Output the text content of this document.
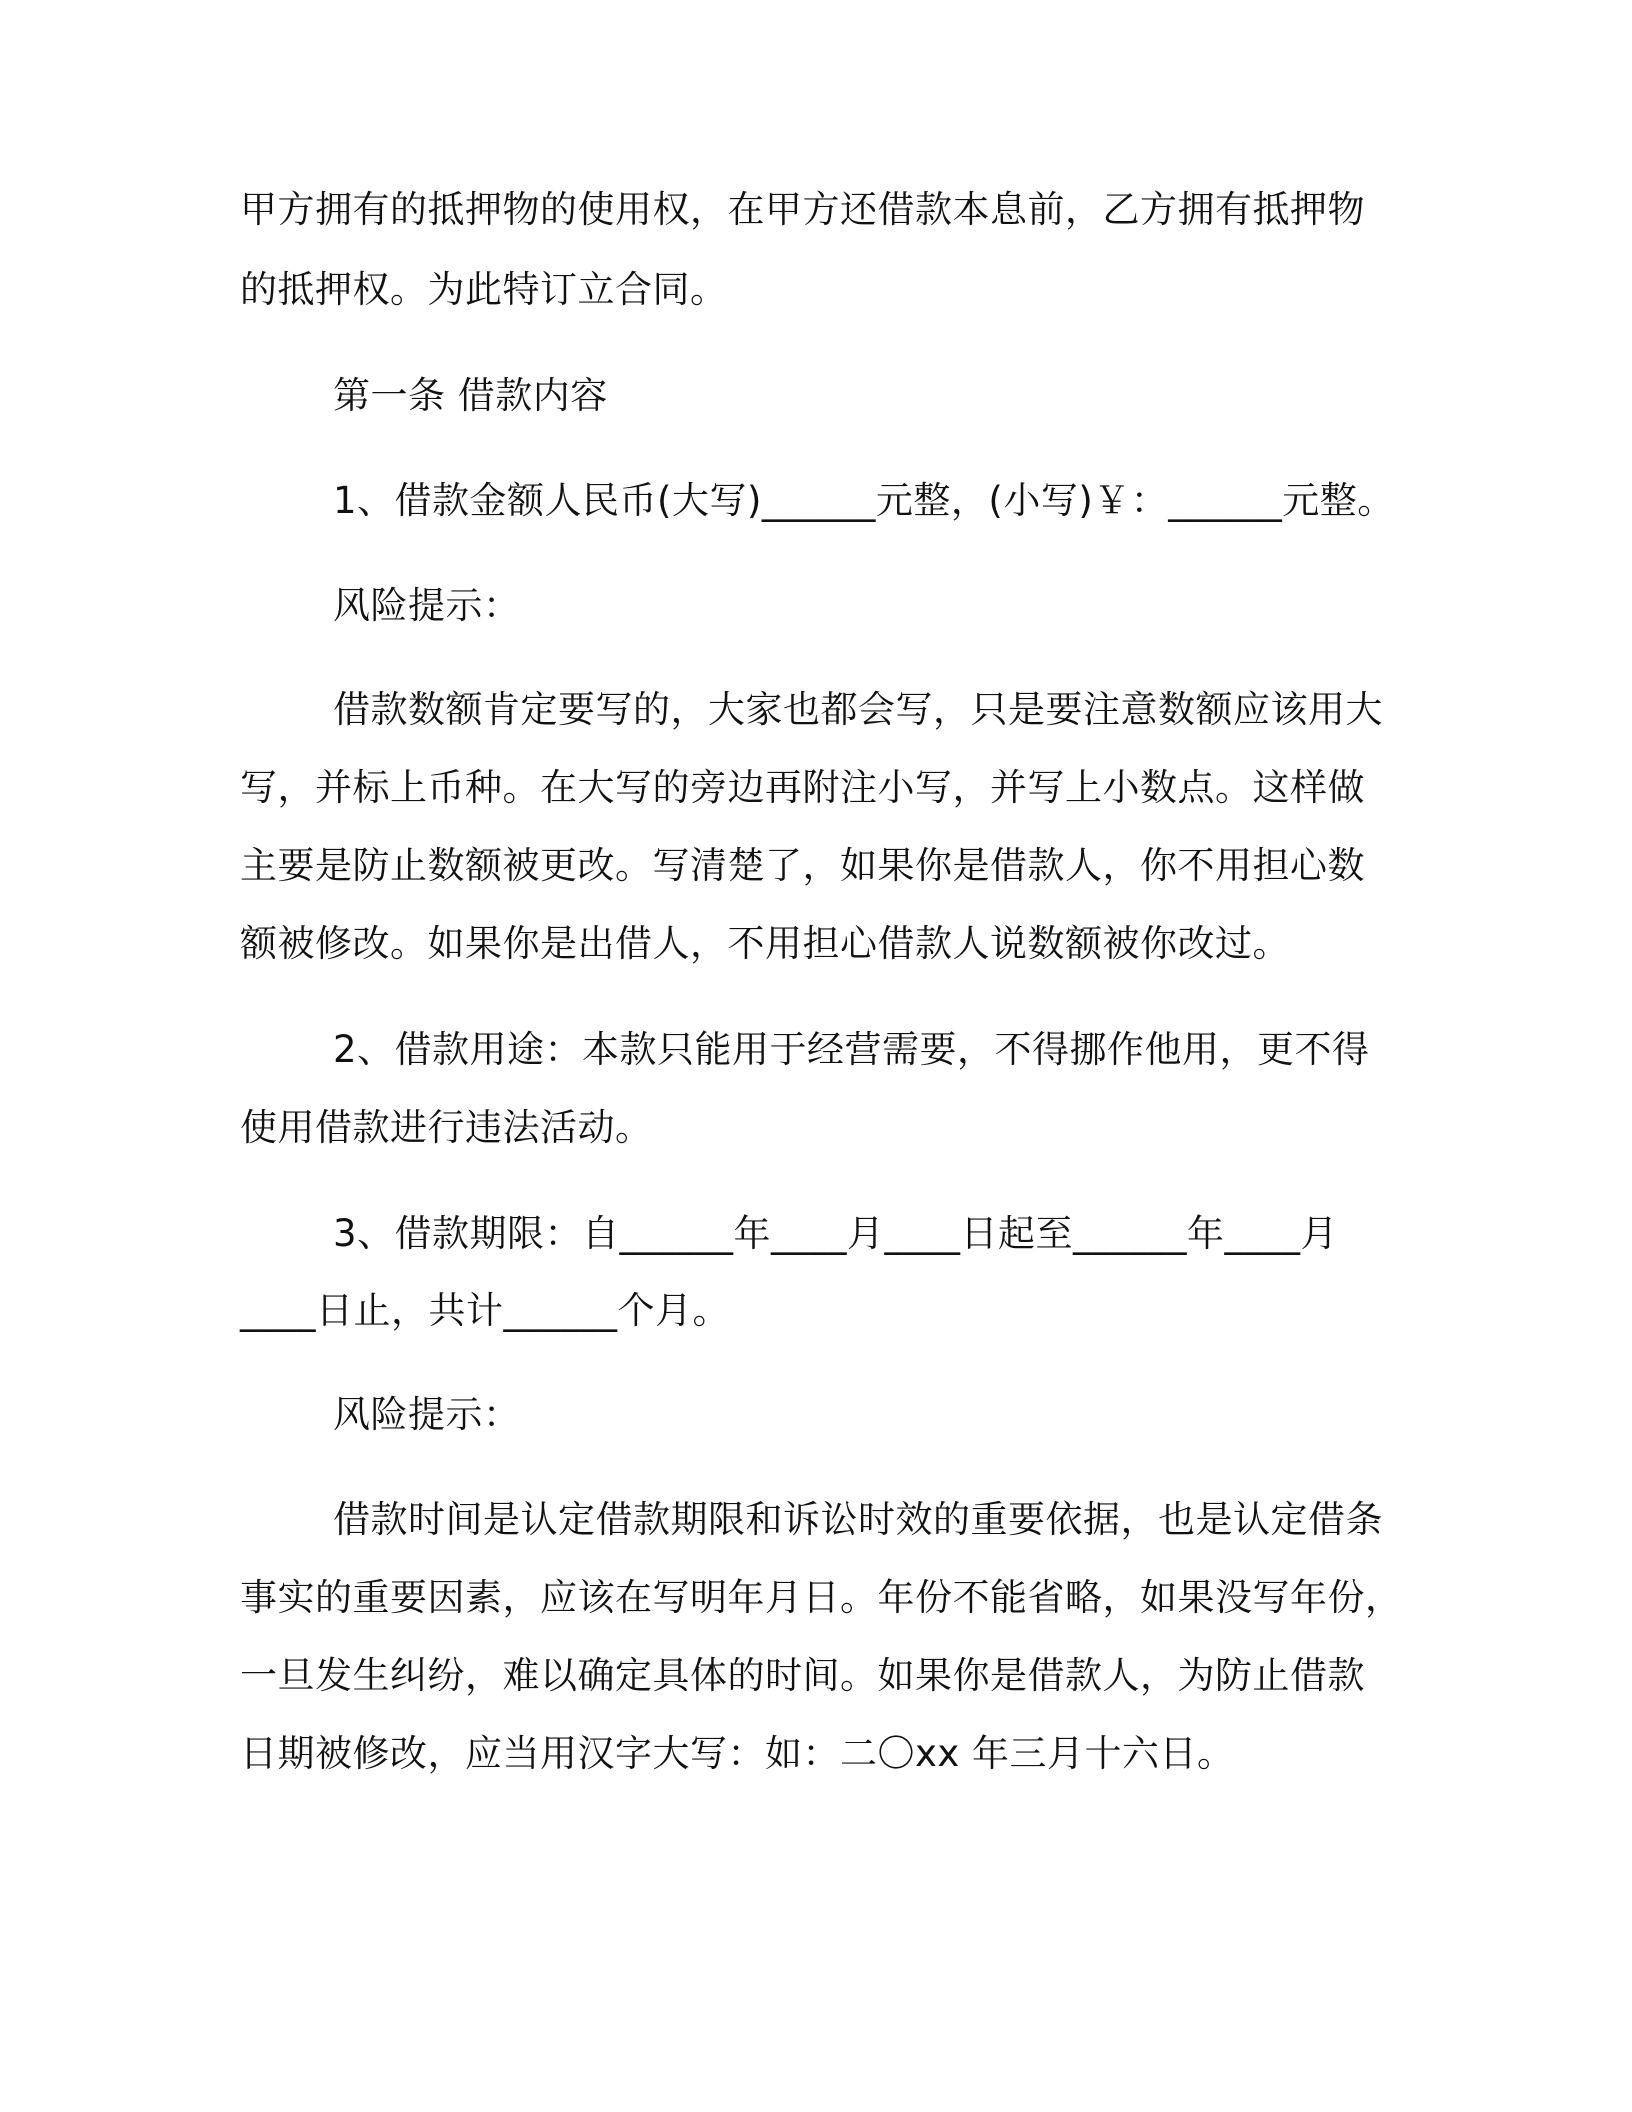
甲方拥有的抵押物的使用权，在甲方还借款本息前，乙方拥有抵押物
的抵押权。为此特订立合同。
第一条 借款内容
1、借款金额人民币(大写)______元整，(小写)￥：______元整。
风险提示：
借款数额肯定要写的，大家也都会写，只是要注意数额应该用大
写，并标上币种。在大写的旁边再附注小写，并写上小数点。这样做
主要是防止数额被更改。写清楚了，如果你是借款人，你不用担心数
额被修改。如果你是出借人，不用担心借款人说数额被你改过。
2、借款用途：本款只能用于经营需要，不得挪作他用，更不得
使用借款进行违法活动。
3、借款期限：自______年____月____日起至______年____月
____日止，共计______个月。
风险提示：
借款时间是认定借款期限和诉讼时效的重要依据，也是认定借条
事实的重要因素，应该在写明年月日。年份不能省略，如果没写年份，
一旦发生纠纷，难以确定具体的时间。如果你是借款人，为防止借款
日期被修改，应当用汉字大写：如：二〇xx 年三月十六日。
